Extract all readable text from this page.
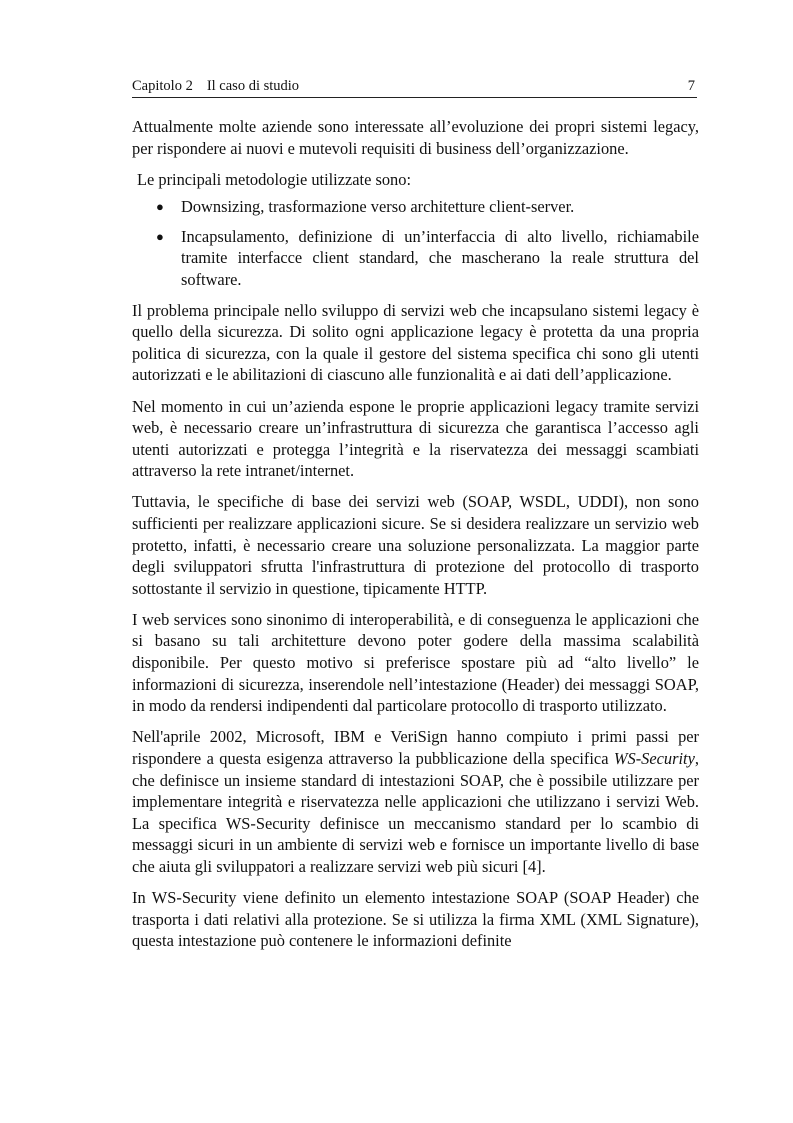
Capitolo 2 Il caso di studio	7

Attualmente molte aziende sono interessate all’evoluzione dei propri sistemi legacy, per rispondere ai nuovi e mutevoli requisiti di business dell’organizzazione.

Le principali metodologie utilizzate sono:

● Downsizing, trasformazione verso architetture client-server.
● Incapsulamento, definizione di un’interfaccia di alto livello, richiamabile tramite interfacce client standard, che mascherano la reale struttura del software.

Il problema principale nello sviluppo di servizi web che incapsulano sistemi legacy è quello della sicurezza. Di solito ogni applicazione legacy è protetta da una propria politica di sicurezza, con la quale il gestore del sistema specifica chi sono gli utenti autorizzati e le abilitazioni di ciascuno alle funzionalità e ai dati dell’applicazione.

Nel momento in cui un’azienda espone le proprie applicazioni legacy tramite servizi web, è necessario creare un’infrastruttura di sicurezza che garantisca l’accesso agli utenti autorizzati e protegga l’integrità e la riservatezza dei messaggi scambiati attraverso la rete intranet/internet.

Tuttavia, le specifiche di base dei servizi web (SOAP, WSDL, UDDI), non sono sufficienti per realizzare applicazioni sicure. Se si desidera realizzare un servizio web protetto, infatti, è necessario creare una soluzione personalizzata. La maggior parte degli sviluppatori sfrutta l'infrastruttura di protezione del protocollo di trasporto sottostante il servizio in questione, tipicamente HTTP.

I web services sono sinonimo di interoperabilità, e di conseguenza le applicazioni che si basano su tali architetture devono poter godere della massima scalabilità disponibile. Per questo motivo si preferisce spostare più ad “alto livello” le informazioni di sicurezza, inserendole nell’intestazione (Header) dei messaggi SOAP, in modo da rendersi indipendenti dal particolare protocollo di trasporto utilizzato.

Nell'aprile 2002, Microsoft, IBM e VeriSign hanno compiuto i primi passi per rispondere a questa esigenza attraverso la pubblicazione della specifica WS-Security, che definisce un insieme standard di intestazioni SOAP, che è possibile utilizzare per implementare integrità e riservatezza nelle applicazioni che utilizzano i servizi Web. La specifica WS-Security definisce un meccanismo standard per lo scambio di messaggi sicuri in un ambiente di servizi web e fornisce un importante livello di base che aiuta gli sviluppatori a realizzare servizi web più sicuri [4].

In WS-Security viene definito un elemento intestazione SOAP (SOAP Header) che trasporta i dati relativi alla protezione. Se si utilizza la firma XML (XML Signature), questa intestazione può contenere le informazioni definite
